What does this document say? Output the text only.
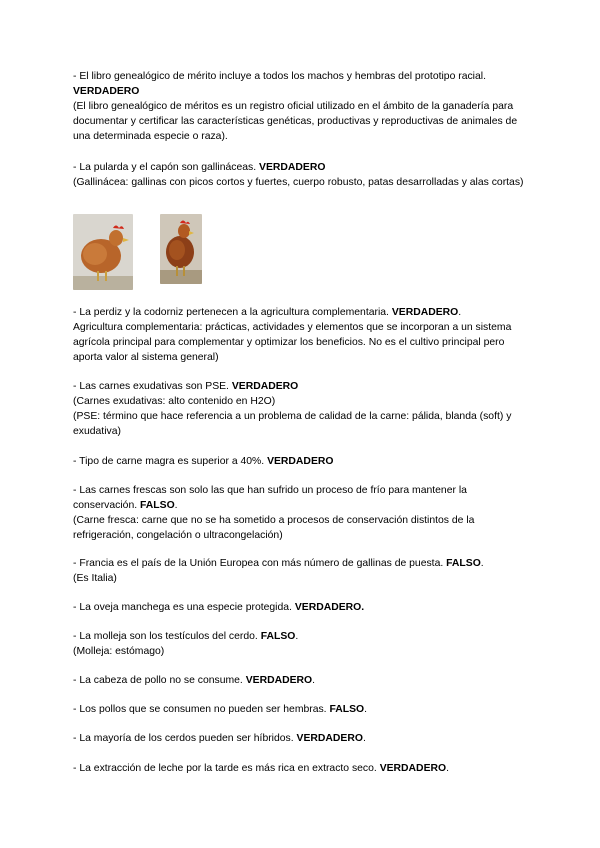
- El libro genealógico de mérito incluye a todos los machos y hembras del prototipo racial.
VERDADERO
(El libro genealógico de méritos es un registro oficial utilizado en el ámbito de la ganadería para documentar y certificar las características genéticas, productivas y reproductivas de animales de una determinada especie o raza).

- La pularda y el capón son gallináceas. VERDADERO
(Gallinácea: gallinas con picos cortos y fuertes, cuerpo robusto, patas desarrolladas y alas cortas)

- La perdiz y la codorniz pertenecen a la agricultura complementaria. VERDADERO.
Agricultura complementaria: prácticas, actividades y elementos que se incorporan a un sistema agrícola principal para complementar y optimizar los beneficios. No es el cultivo principal pero aporta valor al sistema general)

- Las carnes exudativas son PSE. VERDADERO
(Carnes exudativas: alto contenido en H2O)
(PSE: término que hace referencia a un problema de calidad de la carne: pálida, blanda (soft) y exudativa)

- Tipo de carne magra es superior a 40%. VERDADERO

- Las carnes frescas son solo las que han sufrido un proceso de frío para mantener la conservación. FALSO.
(Carne fresca: carne que no se ha sometido a procesos de conservación distintos de la refrigeración, congelación o ultracongelación)

- Francia es el país de la Unión Europea con más número de gallinas de puesta. FALSO.
(Es Italia)

- La oveja manchega es una especie protegida. VERDADERO.

- La molleja son los testículos del cerdo. FALSO.
(Molleja: estómago)

- La cabeza de pollo no se consume. VERDADERO.

- Los pollos que se consumen no pueden ser hembras. FALSO.

- La mayoría de los cerdos pueden ser híbridos. VERDADERO.

- La extracción de leche por la tarde es más rica en extracto seco. VERDADERO.
